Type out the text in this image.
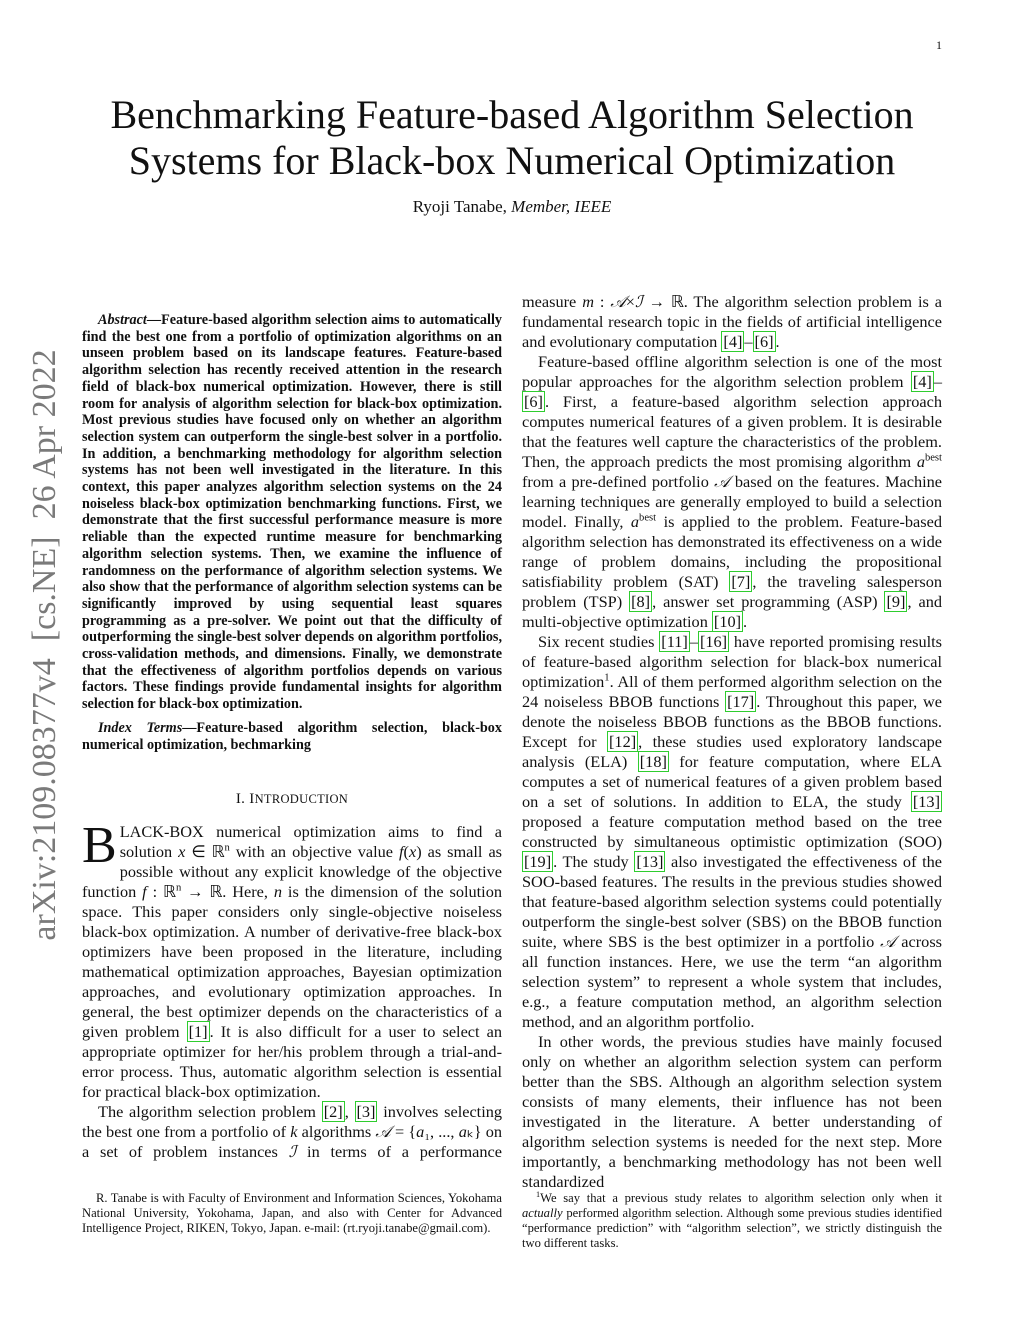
1
Benchmarking Feature-based Algorithm Selection
Systems for Black-box Numerical Optimization
Ryoji Tanabe, Member, IEEE
arXiv:2109.08377v4  [cs.NE]  26 Apr 2022

Abstract—Feature-based algorithm selection aims to automatically find the best one from a portfolio of optimization algorithms on an unseen problem based on its landscape features. Feature-based algorithm selection has recently received attention in the research field of black-box numerical optimization. However, there is still room for analysis of algorithm selection for black-box optimization. Most previous studies have focused only on whether an algorithm selection system can outperform the single-best solver in a portfolio. In addition, a benchmarking methodology for algorithm selection systems has not been well investigated in the literature. In this context, this paper analyzes algorithm selection systems on the 24 noiseless black-box optimization benchmarking functions. First, we demonstrate that the first successful performance measure is more reliable than the expected runtime measure for benchmarking algorithm selection systems. Then, we examine the influence of randomness on the performance of algorithm selection systems. We also show that the performance of algorithm selection systems can be significantly improved by using sequential least squares programming as a pre-solver. We point out that the difficulty of outperforming the single-best solver depends on algorithm portfolios, cross-validation methods, and dimensions. Finally, we demonstrate that the effectiveness of algorithm portfolios depends on various factors. These findings provide fundamental insights for algorithm selection for black-box optimization.

Index Terms—Feature-based algorithm selection, black-box numerical optimization, bechmarking

I. INTRODUCTION

BLACK-BOX numerical optimization aims to find a solution x ∈ ℝ$^n$ with an objective value f(x) as small as possible without any explicit knowledge of the objective function f : ℝ$^n$ → ℝ. Here, n is the dimension of the solution space. This paper considers only single-objective noiseless black-box optimization. A number of derivative-free black-box optimizers have been proposed in the literature, including mathematical optimization approaches, Bayesian optimization approaches, and evolutionary optimization approaches. In general, the best optimizer depends on the characteristics of a given problem [1] . It is also difficult for a user to select an appropriate optimizer for her/his problem through a trial-and-error process. Thus, automatic algorithm selection is essential for practical black-box optimization.

The algorithm selection problem [2] , [3] involves selecting the best one from a portfolio of k algorithms 𝒜 = {a₁, ..., aₖ} on a set of problem instances ℐ in terms of a performance

measure m : 𝒜×ℐ → ℝ. The algorithm selection problem is a fundamental research topic in the fields of artificial intelligence and evolutionary computation [4] – [6] .

Feature-based offline algorithm selection is one of the most popular approaches for the algorithm selection problem [4] –[6] . First, a feature-based algorithm selection approach computes numerical features of a given problem. It is desirable that the features well capture the characteristics of the problem. Then, the approach predicts the most promising algorithm $a^{best}$ from a pre-defined portfolio 𝒜 based on the features. Machine learning techniques are generally employed to build a selection model. Finally, $a^{best}$ is applied to the problem. Feature-based algorithm selection has demonstrated its effectiveness on a wide range of problem domains, including the propositional satisfiability problem (SAT) [7] , the traveling salesperson problem (TSP) [8] , answer set programming (ASP) [9] , and multi-objective optimization [10] .

Six recent studies [11] – [16] have reported promising results of feature-based algorithm selection for black-box numerical optimization$^1$. All of them performed algorithm selection on the 24 noiseless BBOB functions [17] . Throughout this paper, we denote the noiseless BBOB functions as the BBOB functions. Except for [12] , these studies used exploratory landscape analysis (ELA) [18] for feature computation, where ELA computes a set of numerical features of a given problem based on a set of solutions. In addition to ELA, the study [13] proposed a feature computation method based on the tree constructed by simultaneous optimistic optimization (SOO) [19] . The study [13] also investigated the effectiveness of the SOO-based features. The results in the previous studies showed that feature-based algorithm selection systems could potentially outperform the single-best solver (SBS) on the BBOB function suite, where SBS is the best optimizer in a portfolio 𝒜 across all function instances. Here, we use the term “an algorithm selection system” to represent a whole system that includes, e.g., a feature computation method, an algorithm selection method, and an algorithm portfolio.

In other words, the previous studies have mainly focused only on whether an algorithm selection system can perform better than the SBS. Although an algorithm selection system consists of many elements, their influence has not been investigated in the literature. A better understanding of algorithm selection systems is needed for the next step. More importantly, a benchmarking methodology has not been well standardized

R. Tanabe is with Faculty of Environment and Information Sciences, Yokohama National University, Yokohama, Japan, and also with Center for Advanced Intelligence Project, RIKEN, Tokyo, Japan. e-mail: (rt.ryoji.tanabe@gmail.com).

$^1$We say that a previous study relates to algorithm selection only when it actually performed algorithm selection. Although some previous studies identified “performance prediction” with “algorithm selection”, we strictly distinguish the two different tasks.
